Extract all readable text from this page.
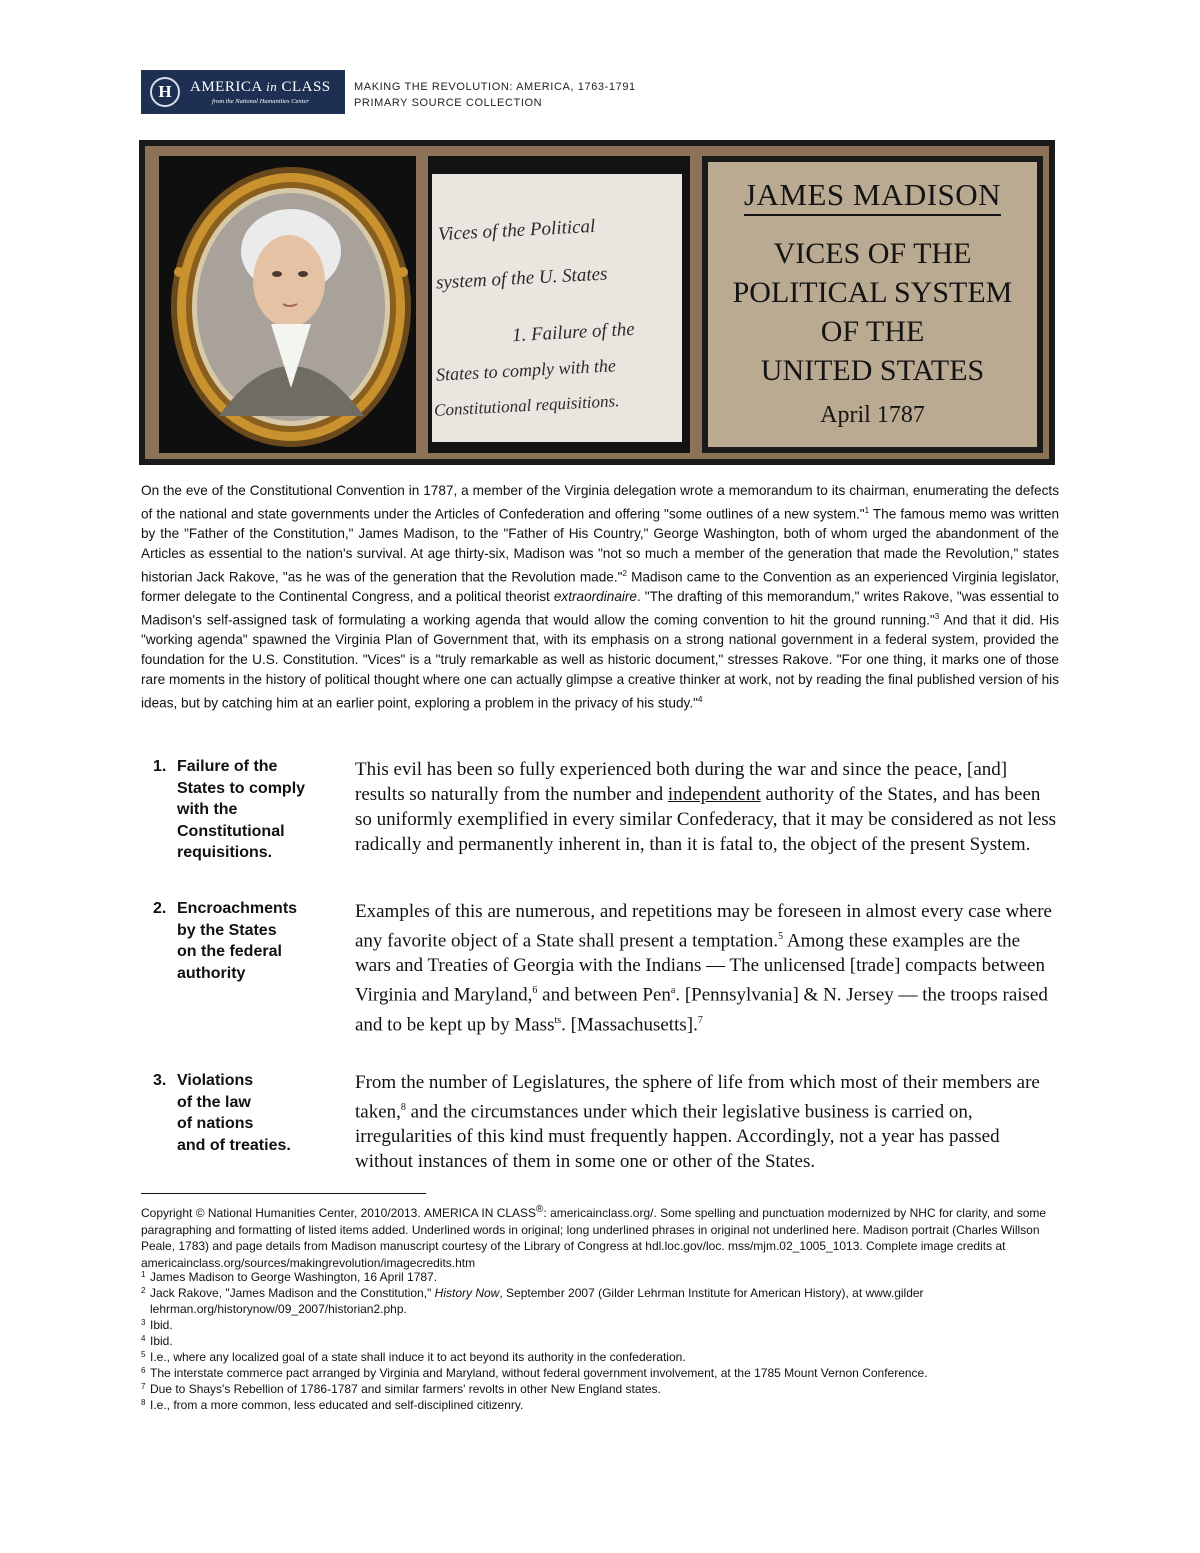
H	AMERICA in CLASS
from the National Humanities Center
MAKING THE REVOLUTION: AMERICA, 1763-1791
PRIMARY SOURCE COLLECTION
Vices of the Political
system of the U. States
1. Failure of the
States to comply with the
Constitutional requisitions.
JAMES MADISON
VICES OF THE
POLITICAL SYSTEM
OF THE
UNITED STATES
April 1787
On the eve of the Constitutional Convention in 1787, a member of the Virginia delegation wrote a memorandum to its chairman, enumerating the defects of the national and state governments under the Articles of Confederation and offering "some outlines of a new system."$^1$ The famous memo was written by the "Father of the Constitution," James Madison, to the "Father of His Country," George Washington, both of whom urged the abandonment of the Articles as essential to the nation's survival. At age thirty-six, Madison was "not so much a member of the generation that made the Revolution," states historian Jack Rakove, "as he was of the generation that the Revolution made."$^2$ Madison came to the Convention as an experienced Virginia legislator, former delegate to the Continental Congress, and a political theorist extraordinaire. "The drafting of this memorandum," writes Rakove, "was essential to Madison's self-assigned task of formulating a working agenda that would allow the coming convention to hit the ground running."$^3$ And that it did. His "working agenda" spawned the Virginia Plan of Government that, with its emphasis on a strong national government in a federal system, provided the foundation for the U.S. Constitution. "Vices" is a "truly remarkable as well as historic document," stresses Rakove. "For one thing, it marks one of those rare moments in the history of political thought where one can actually glimpse a creative thinker at work, not by reading the final published version of his ideas, but by catching him at an earlier point, exploring a problem in the privacy of his study."$^4$
1. Failure of the
States to comply
with the
Constitutional
requisitions.
This evil has been so fully experienced both during the war and since the peace, [and] results so naturally from the number and independent authority of the States, and has been so uniformly exemplified in every similar Confederacy, that it may be considered as not less radically and permanently inherent in, than it is fatal to, the object of the present System.
2. Encroachments
by the States
on the federal
authority
Examples of this are numerous, and repetitions may be foreseen in almost every case where any favorite object of a State shall present a temptation.$^5$ Among these examples are the wars and Treaties of Georgia with the Indians — The unlicensed [trade] compacts between Virginia and Maryland,$^6$ and between Pen$^a$. [Pennsylvania] & N. Jersey — the troops raised and to be kept up by Mass$^{ts}$. [Massachusetts].$^7$
3. Violations
of the law
of nations
and of treaties.
From the number of Legislatures, the sphere of life from which most of their members are taken,$^8$ and the circumstances under which their legislative business is carried on, irregularities of this kind must frequently happen. Accordingly, not a year has passed without instances of them in some one or other of the States.
Copyright © National Humanities Center, 2010/2013. AMERICA IN CLASS®: americainclass.org/. Some spelling and punctuation modernized by NHC for clarity, and some paragraphing and formatting of listed items added. Underlined words in original; long underlined phrases in original not underlined here. Madison portrait (Charles Willson Peale, 1783) and page details from Madison manuscript courtesy of the Library of Congress at hdl.loc.gov/loc. mss/mjm.02_1005_1013. Complete image credits at americainclass.org/sources/makingrevolution/imagecredits.htm
1 James Madison to George Washington, 16 April 1787.
2 Jack Rakove, "James Madison and the Constitution," History Now, September 2007 (Gilder Lehrman Institute for American History), at www.gilder lehrman.org/historynow/09_2007/historian2.php.
3 Ibid.
4 Ibid.
5 I.e., where any localized goal of a state shall induce it to act beyond its authority in the confederation.
6 The interstate commerce pact arranged by Virginia and Maryland, without federal government involvement, at the 1785 Mount Vernon Conference.
7 Due to Shays's Rebellion of 1786-1787 and similar farmers' revolts in other New England states.
8 I.e., from a more common, less educated and self-disciplined citizenry.
